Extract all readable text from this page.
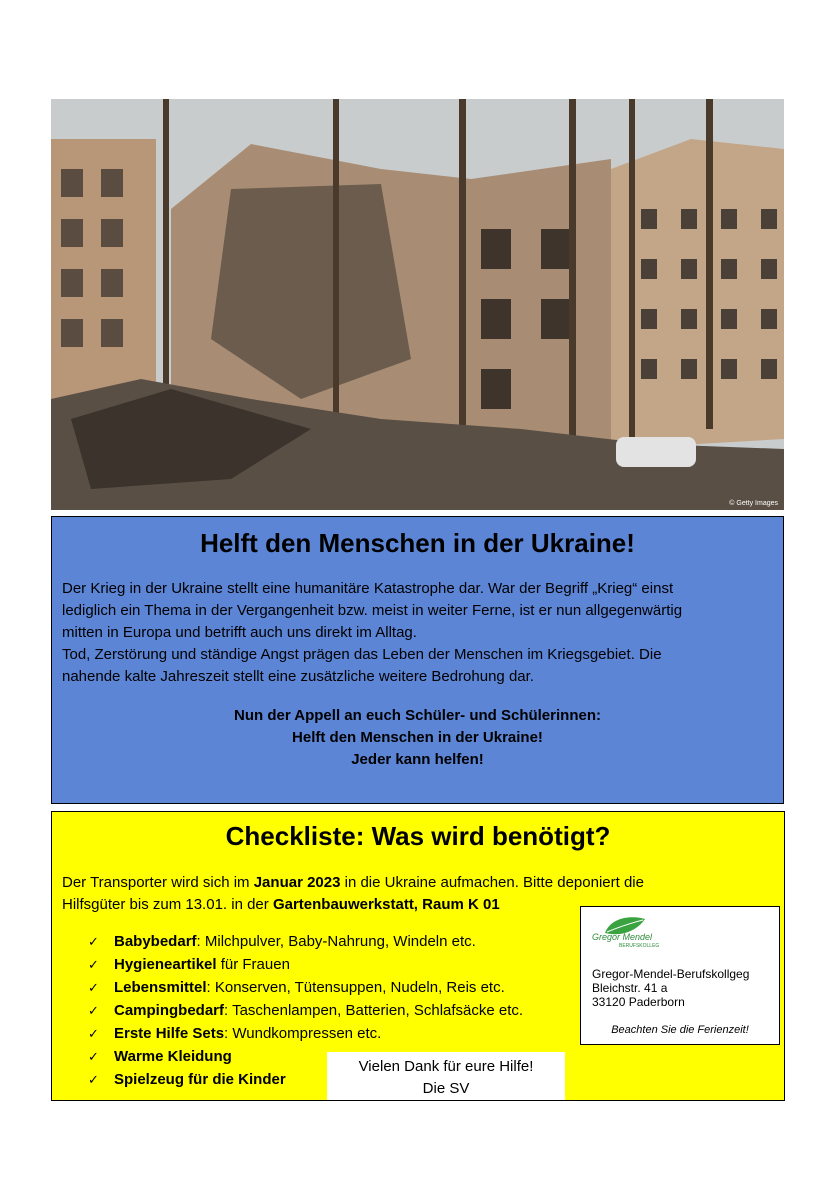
© Getty Images
Helft den Menschen in der Ukraine!

Der Krieg in der Ukraine stellt eine humanitäre Katastrophe dar. War der Begriff „Krieg“ einst

lediglich ein Thema in der Vergangenheit bzw. meist in weiter Ferne, ist er nun allgegenwärtig

mitten in Europa und betrifft auch uns direkt im Alltag.

Tod, Zerstörung und ständige Angst prägen das Leben der Menschen im Kriegsgebiet. Die

nahende kalte Jahreszeit stellt eine zusätzliche weitere Bedrohung dar.

Nun der Appell an euch Schüler- und Schülerinnen:
Helft den Menschen in der Ukraine!
Jeder kann helfen!
Checkliste: Was wird benötigt?
Der Transporter wird sich im Januar 2023 in die Ukraine aufmachen. Bitte deponiert die
Hilfsgüter bis zum 13.01. in der Gartenbauwerkstatt, Raum K 01
✓	Babybedarf: Milchpulver, Baby-Nahrung, Windeln etc.
✓	Hygieneartikel für Frauen
✓	Lebensmittel: Konserven, Tütensuppen, Nudeln, Reis etc.
✓	Campingbedarf: Taschenlampen, Batterien, Schlafsäcke etc.
✓	Erste Hilfe Sets: Wundkompressen etc.
✓	Warme Kleidung
✓	Spielzeug für die Kinder
Gregor Mendel
BERUFSKOLLEG
Gregor-Mendel-Berufskollgeg
Bleichstr. 41 a
33120 Paderborn
Beachten Sie die Ferienzeit!
Vielen Dank für eure Hilfe!
Die SV
